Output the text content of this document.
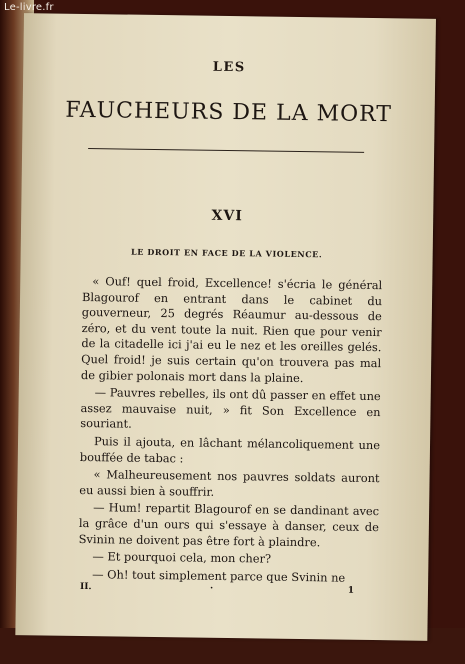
LES
FAUCHEURS DE LA MORT
XVI
LE DROIT EN FACE DE LA VIOLENCE.

« Ouf! quel froid, Excellence! s'écria le général Blagourof en entrant dans le cabinet du gouverneur, 25 degrés Réaumur au-dessous de zéro, et du vent toute la nuit. Rien que pour venir de la citadelle ici j'ai eu le nez et les oreilles gelés. Quel froid! je suis certain qu'on trouvera pas mal de gibier polonais mort dans la plaine.

— Pauvres rebelles, ils ont dû passer en effet une assez mauvaise nuit, » fit Son Excellence en souriant.

Puis il ajouta, en lâchant mélancoliquement une bouffée de tabac :

« Malheureusement nos pauvres soldats auront eu aussi bien à souffrir.

— Hum! repartit Blagourof en se dandinant avec la grâce d'un ours qui s'essaye à danser, ceux de Svinin ne doivent pas être fort à plaindre.

— Et pourquoi cela, mon cher?

— Oh! tout simplement parce que Svinin ne

II.	·	1
Le-livre.fr
